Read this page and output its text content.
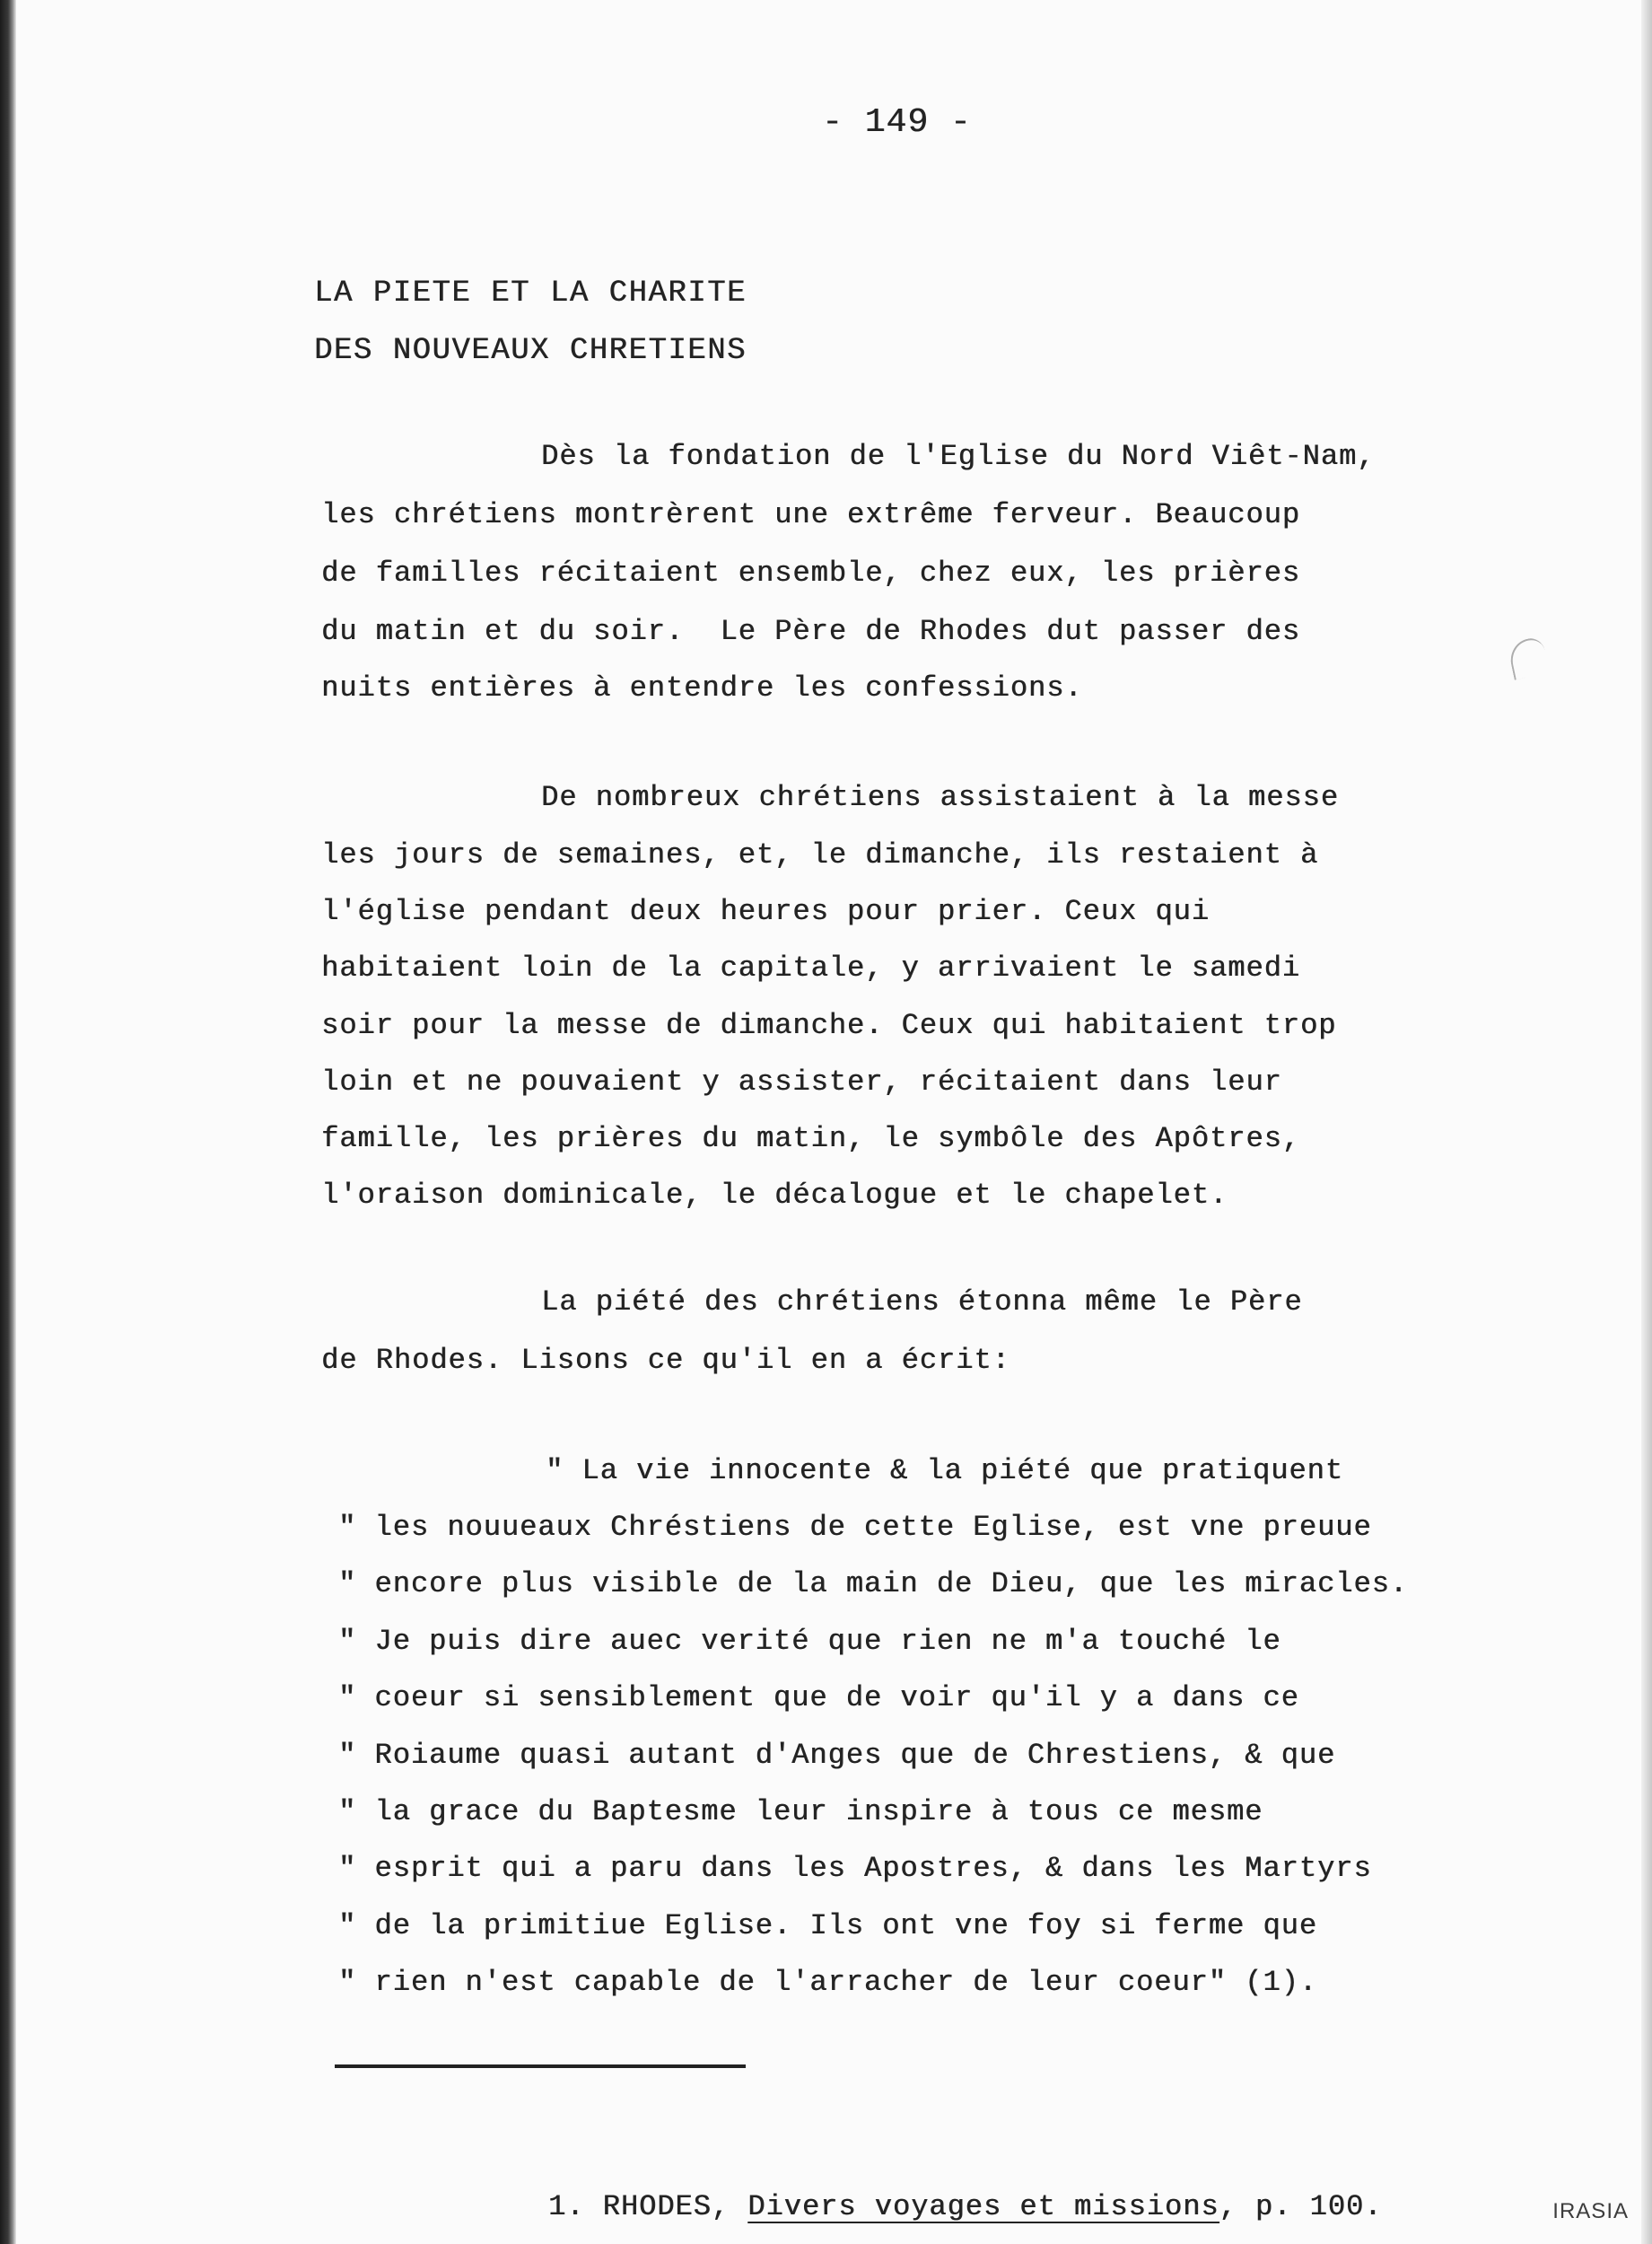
- 149 -

LA PIETE ET LA CHARITE
DES NOUVEAUX CHRETIENS

Dès la fondation de l'Eglise du Nord Viêt-Nam,

les chrétiens montrèrent une extrême ferveur. Beaucoup

de familles récitaient ensemble, chez eux, les prières

du matin et du soir.  Le Père de Rhodes dut passer des

nuits entières à entendre les confessions.

De nombreux chrétiens assistaient à la messe

les jours de semaines, et, le dimanche, ils restaient à

l'église pendant deux heures pour prier. Ceux qui

habitaient loin de la capitale, y arrivaient le samedi

soir pour la messe de dimanche. Ceux qui habitaient trop

loin et ne pouvaient y assister, récitaient dans leur

famille, les prières du matin, le symbôle des Apôtres,

l'oraison dominicale, le décalogue et le chapelet.

La piété des chrétiens étonna même le Père

de Rhodes. Lisons ce qu'il en a écrit:

" La vie innocente & la piété que pratiquent

" les nouueaux Chréstiens de cette Eglise, est vne preuue

" encore plus visible de la main de Dieu, que les miracles.

" Je puis dire auec verité que rien ne m'a touché le

" coeur si sensiblement que de voir qu'il y a dans ce

" Roiaume quasi autant d'Anges que de Chrestiens, & que

" la grace du Baptesme leur inspire à tous ce mesme

" esprit qui a paru dans les Apostres, & dans les Martyrs

" de la primitiue Eglise. Ils ont vne foy si ferme que

" rien n'est capable de l'arracher de leur coeur" (1).

1. RHODES, Divers voyages et missions, p. 100.	IRASIA
